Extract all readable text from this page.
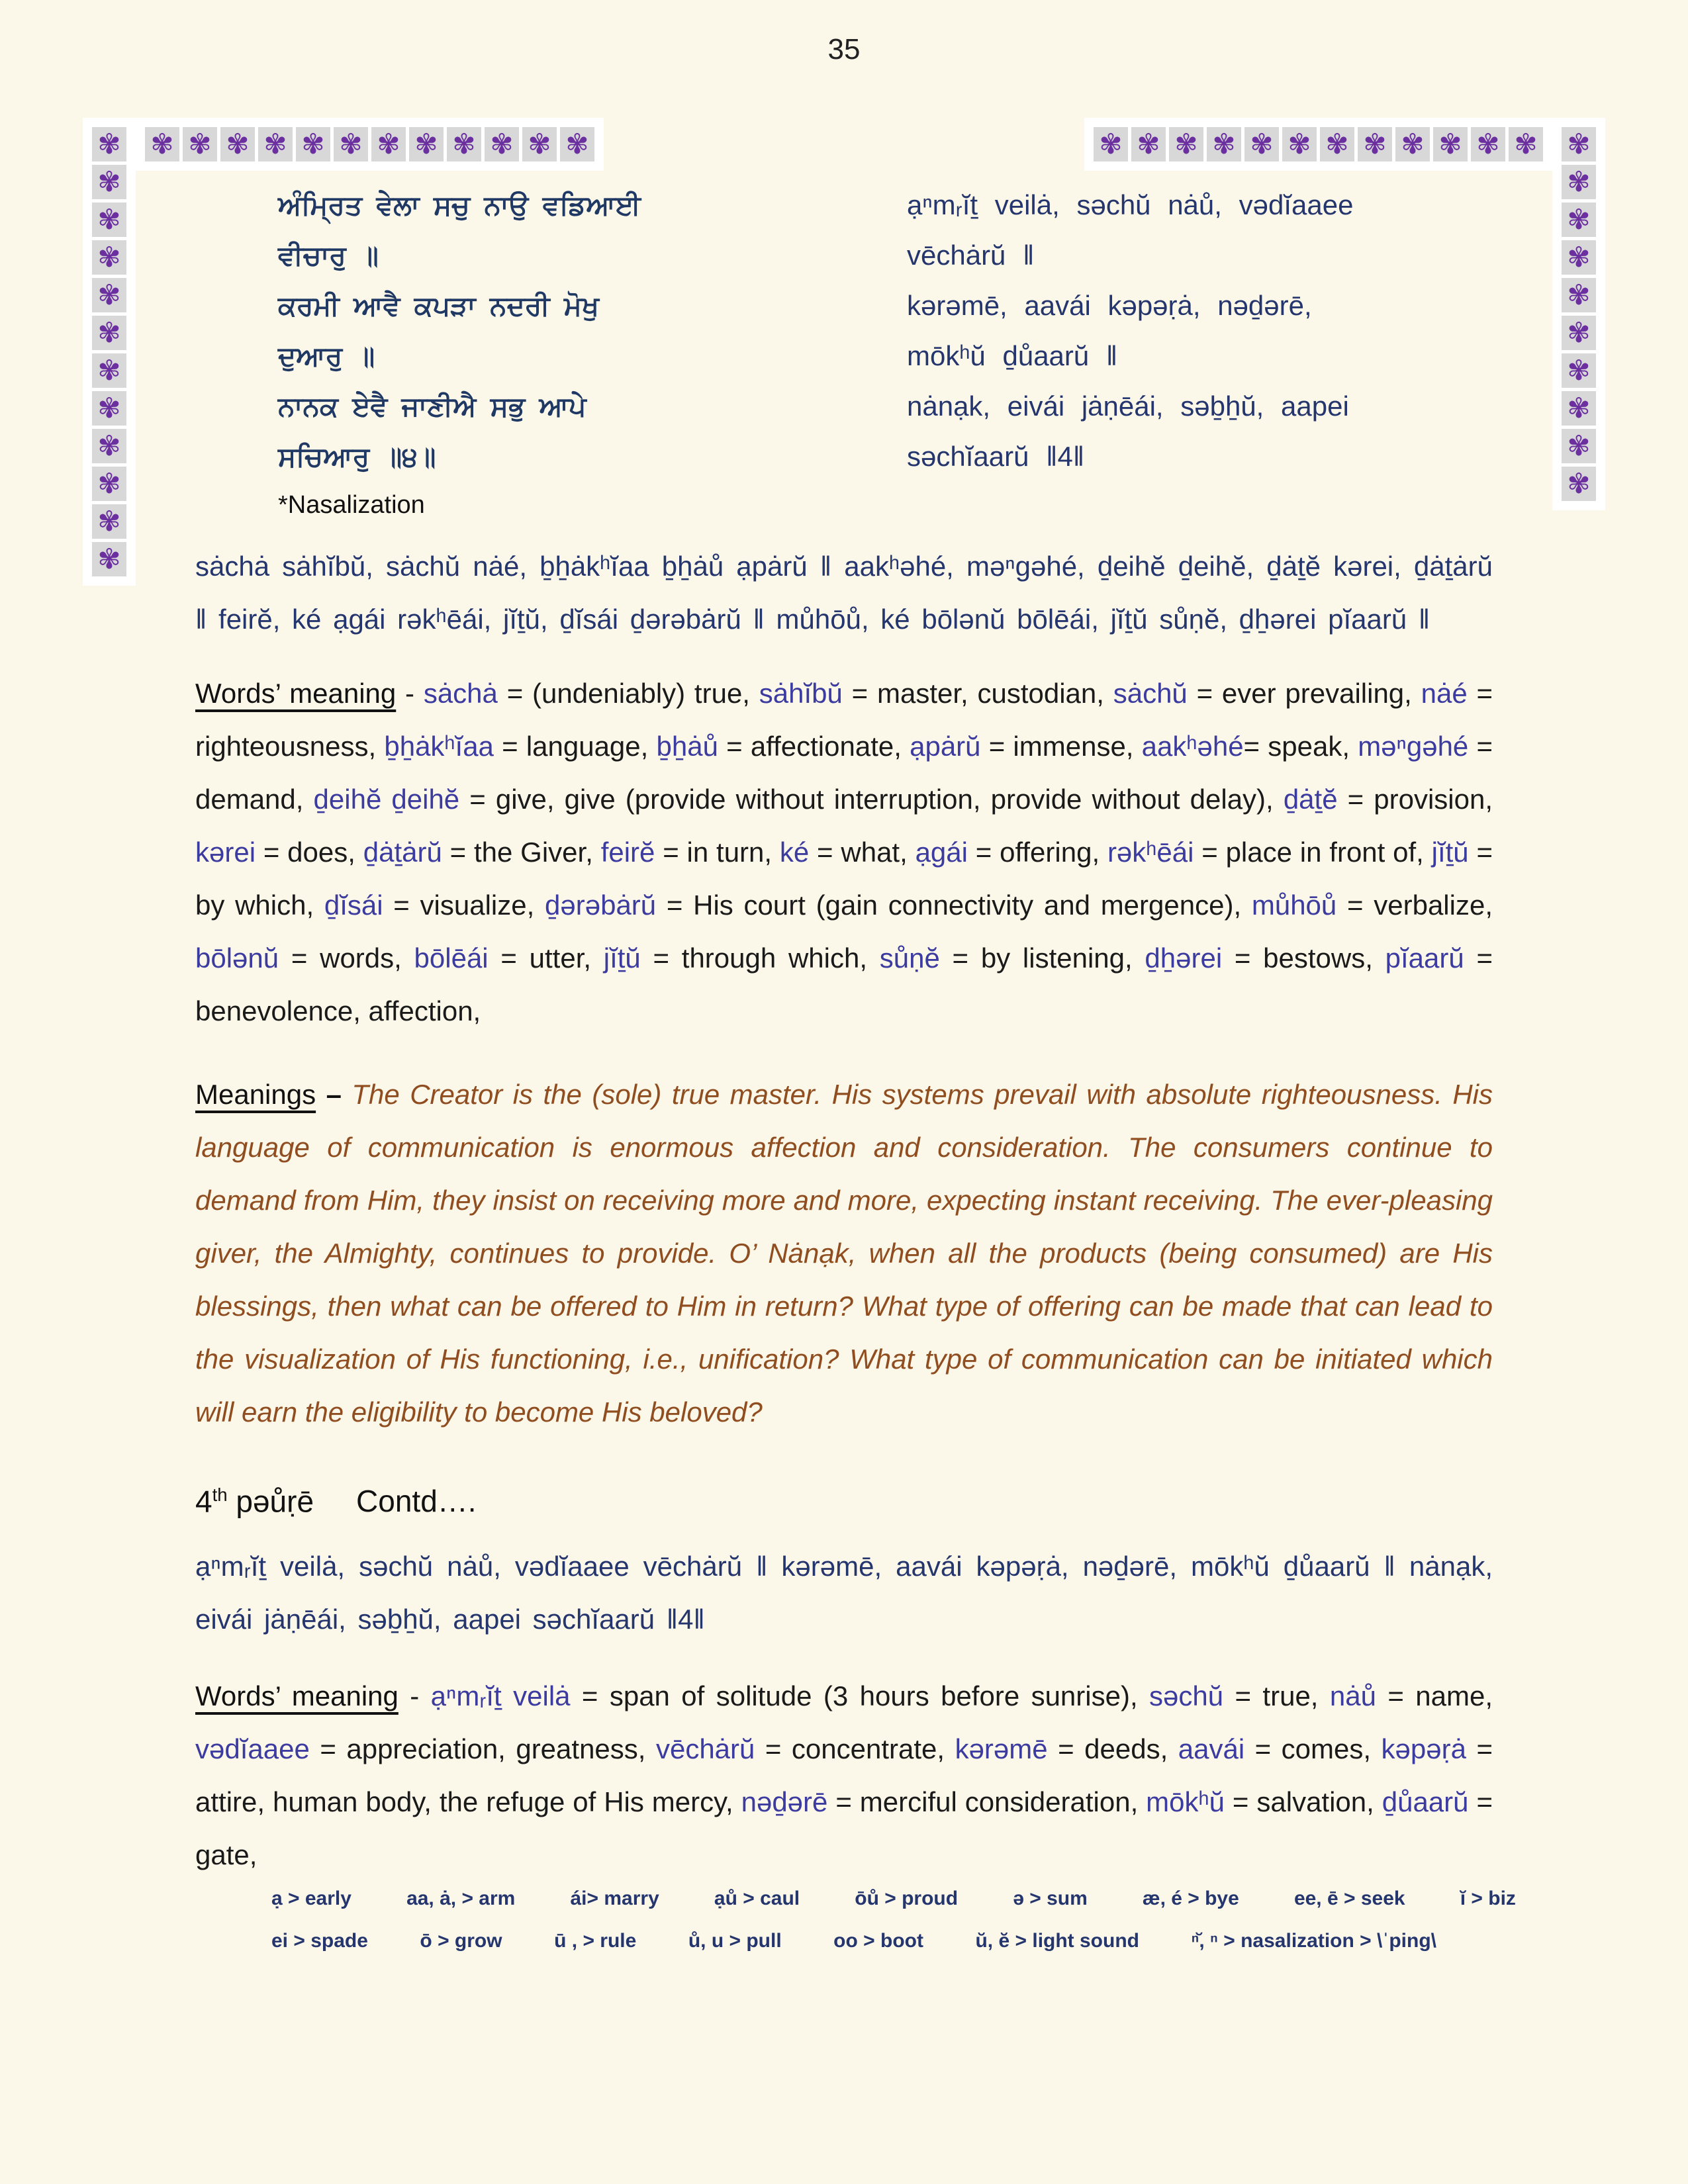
35
✾ ✾ ✾ ✾ ✾ ✾ ✾ ✾ ✾ ✾ ✾ ✾
✾
✾
✾
✾
✾
✾
✾
✾
✾
✾
✾
✾
✾ ✾ ✾ ✾ ✾ ✾ ✾ ✾ ✾ ✾ ✾ ✾ ✾
✾
✾
✾
✾
✾
✾
✾
✾
✾
ਅੰਮ੍ਰਿਤ ਵੇਲਾ ਸਚੁ ਨਾਉ ਵਡਿਆਈ
ਵੀਚਾਰੁ ॥
ạⁿmᵣĭṯ veilȧ, səchŭ nȧů, vədĭaaee
vēchȧrŭ ‖
ਕਰਮੀ ਆਵੈ ਕਪੜਾ ਨਦਰੀ ਮੋਖੁ
ਦੁਆਰੁ ॥
kərəmē, aavái kəpəṛȧ, nəḏərē,
mōkʰŭ ḏůaarŭ ‖
ਨਾਨਕ ਏਵੈ ਜਾਣੀਐ ਸਭੁ ਆਪੇ
ਸਚਿਆਰੁ ॥੪॥
nȧnạk, eivái jȧṇēái, səḇẖŭ, aapei
səchĭaarŭ ‖4‖
*Nasalization
sȧchȧ sȧhĭbŭ, sȧchŭ nȧé, ḇẖȧkʰĭaa ḇẖȧů ạpȧrŭ ‖ aakʰəhé, məⁿgəhé, ḏeihĕ ḏeihĕ, ḏȧṯĕ kərei, ḏȧṯȧrŭ ‖ feirĕ, ké ạgái rəkʰēái, jĭṯŭ, ḏĭsái ḏərəbȧrŭ ‖ můhōů, ké bōlənŭ bōlēái, jĭṯŭ sůṇĕ, ḏẖərei pĭaarŭ ‖
Words’ meaning - sȧchȧ = (undeniably) true, sȧhĭbŭ = master, custodian, sȧchŭ = ever prevailing, nȧé = righteousness, ḇẖȧkʰĭaa = language, ḇẖȧů = affectionate, ạpȧrŭ = immense, aakʰəhé= speak, məⁿgəhé = demand, ḏeihĕ ḏeihĕ = give, give (provide without interruption, provide without delay), ḏȧṯĕ = provision, kərei = does, ḏȧṯȧrŭ = the Giver, feirĕ = in turn, ké = what, ạgái = offering, rəkʰēái = place in front of, jĭṯŭ = by which, ḏĭsái = visualize, ḏərəbȧrŭ = His court (gain connectivity and mergence), můhōů = verbalize, bōlənŭ = words, bōlēái = utter, jĭṯŭ = through which, sůṇĕ = by listening, ḏẖərei = bestows, pĭaarŭ = benevolence, affection,
Meanings – The Creator is the (sole) true master. His systems prevail with absolute righteousness. His language of communication is enormous affection and consideration. The consumers continue to demand from Him, they insist on receiving more and more, expecting instant receiving. The ever-pleasing giver, the Almighty, continues to provide. O’ Nȧnạk, when all the products (being consumed) are His blessings, then what can be offered to Him in return? What type of offering can be made that can lead to the visualization of His functioning, i.e., unification? What type of communication can be initiated which will earn the eligibility to become His beloved?
4th pəůṛē Contd….
ạⁿmᵣĭṯ veilȧ, səchŭ nȧů, vədĭaaee vēchȧrŭ ‖ kərəmē, aavái kəpəṛȧ, nəḏərē, mōkʰŭ ḏůaarŭ ‖ nȧnạk, eivái jȧṇēái, səḇẖŭ, aapei səchĭaarŭ ‖4‖
Words’ meaning - ạⁿmᵣĭṯ veilȧ = span of solitude (3 hours before sunrise), səchŭ = true, nȧů = name, vədĭaaee = appreciation, greatness, vēchȧrŭ = concentrate, kərəmē = deeds, aavái = comes, kəpəṛȧ = attire, human body, the refuge of His mercy, nəḏərē = merciful consideration, mōkʰŭ = salvation, ḏůaarŭ = gate,
ạ > early	aa, ȧ, > arm	ái> marry	ạů > caul	ōů > proud	ə > sum	æ, é > bye	ee, ē > seek	ĭ > biz
ei > spade	ō > grow	ū , > rule	ů, u > pull	oo > boot	ŭ, ĕ > light sound	ⁿ̆, ⁿ > nasalization > \ˈping\
